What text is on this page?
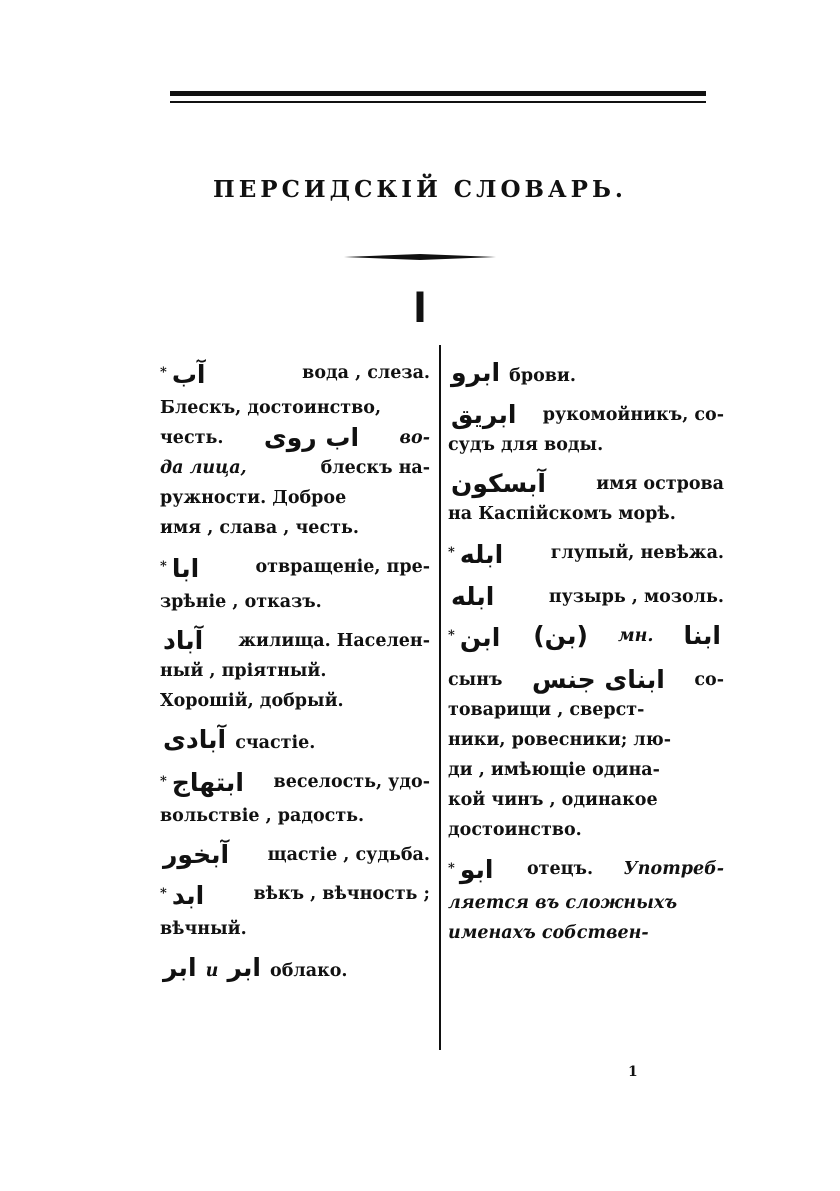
ПЕРСИДСКІЙ СЛОВАРЬ.
ا
* آب	вода , слеза.
Блескъ, достоинство,
честь. اب روی во-
да лица,	блескъ на-
ружности. Доброе
имя , слава , честь.
* ابا	отвращеніе, пре-
зрѣніе , отказъ.
آباد жилища. Населен-
ный , пріятный.
Хорошій, добрый.
آبادی счастіе.
* ابتهاج веселость, удо-
вольствіе , радость.
آبخور щастіе , судьба.
* ابد	вѣкъ , вѣчность ;
вѣчный.
ابر и ابر облако.
ابرو брови.
ابریق рукомойникъ, со-
судъ для воды.
آبسکون	имя острова
на Каспійскомъ морѣ.
* ابله	глупый, невѣжа.
ابله	пузырь , мозоль.
* ابن (بن) мн. ابنا
сынъ ابنای جنس со-
товарищи , сверст-
ники, ровесники; лю-
ди , имѣющіе одина-
кой чинъ , одинакое
достоинство.
* ابو отецъ. Употреб-
ляется въ сложныхъ
именахъ собствен-
1
